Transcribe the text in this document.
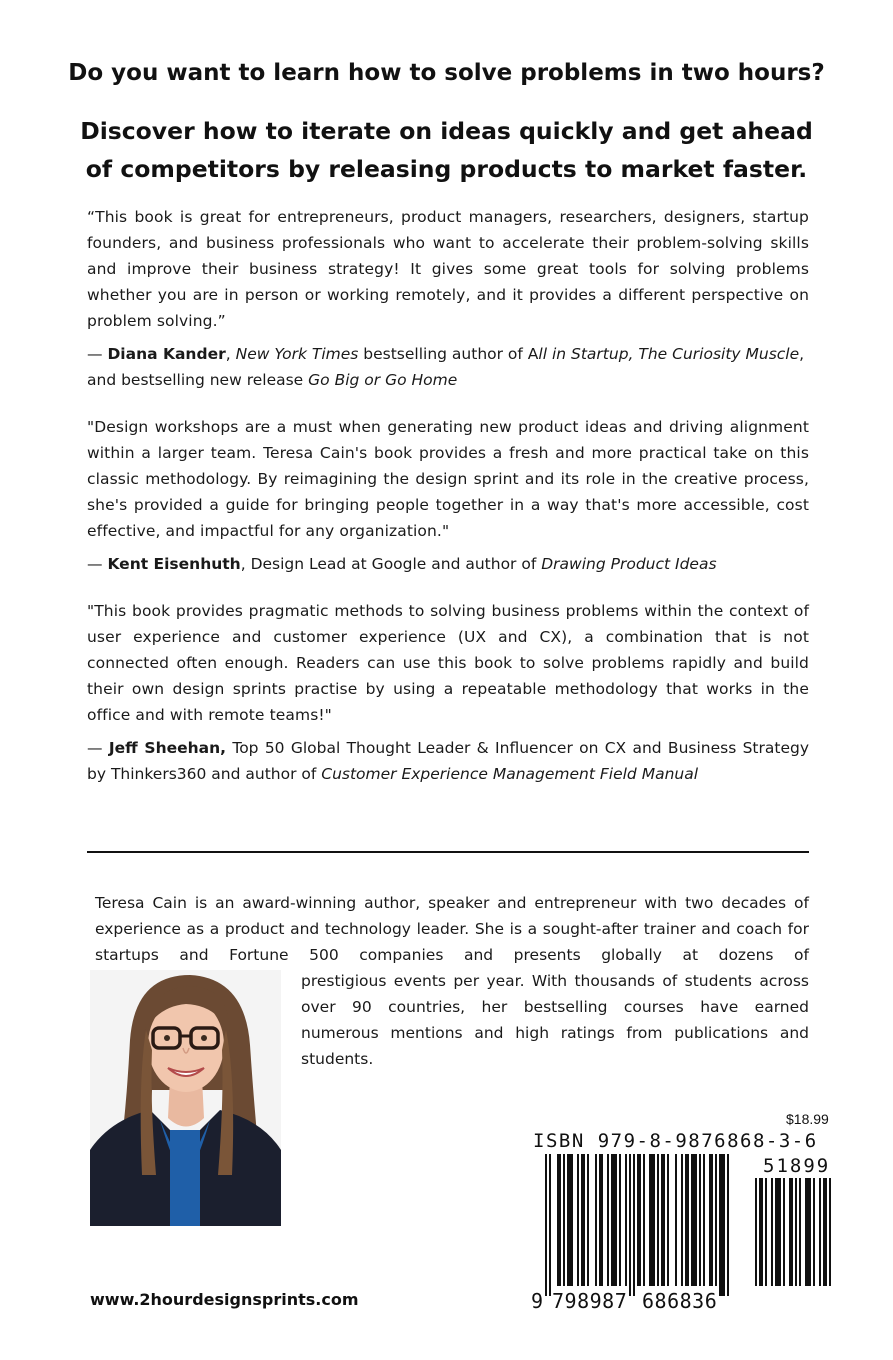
Do you want to learn how to solve problems in two hours?
Discover how to iterate on ideas quickly and get ahead
of competitors by releasing products to market faster.
“This book is great for entrepreneurs, product managers, researchers, designers, startup founders, and business professionals who want to accelerate their problem-solving skills and improve their business strategy! It gives some great tools for solving problems whether you are in person or working remotely, and it provides a different perspective on problem solving.”
— Diana Kander, New York Times bestselling author of All in Startup, The Curiosity Muscle, and bestselling new release Go Big or Go Home
"Design workshops are a must when generating new product ideas and driving alignment within a larger team. Teresa Cain's book provides a fresh and more practical take on this classic methodology. By reimagining the design sprint and its role in the creative process, she's provided a guide for bringing people together in a way that's more accessible, cost effective, and impactful for any organization."
— Kent Eisenhuth, Design Lead at Google and author of Drawing Product Ideas
"This book provides pragmatic methods to solving business problems within the context of user experience and customer experience (UX and CX), a combination that is not connected often enough. Readers can use this book to solve problems rapidly and build their own design sprints practise by using a repeatable methodology that works in the office and with remote teams!"
— Jeff Sheehan, Top 50 Global Thought Leader & Influencer on CX and Business Strategy by Thinkers360 and author of Customer Experience Management Field Manual
Teresa Cain is an award-winning author, speaker and entrepreneur with two decades of experience as a product and technology leader. She is a sought-after trainer and coach for startups and Fortune 500 companies and presents globally at dozens of
prestigious events per year. With thousands of students across over 90 countries, her bestselling courses have earned numerous mentions and high ratings from publications and students.
www.2hourdesignsprints.com
$18.99
ISBN 979-8-9876868-3-6
51899
9 798987 686836
